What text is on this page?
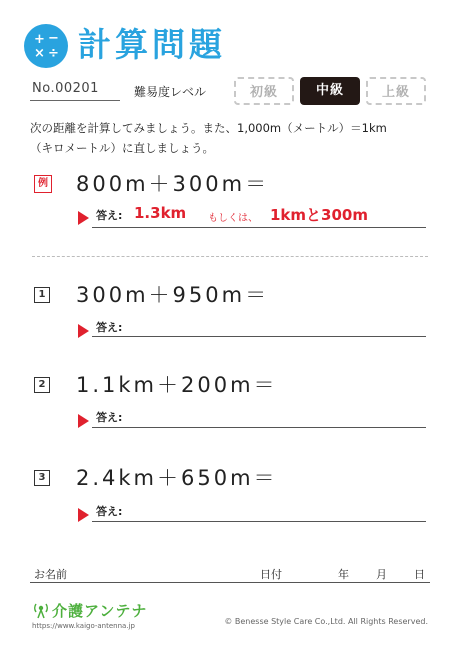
+ −
× ÷ 計算問題
No.00201	難易度レベル	初級	中級	上級
次の距離を計算してみましょう。また、1,000m（メートル）＝1km
（キロメートル）に直しましょう。
例 800m＋300m＝
答え: 1.3km もしくは、 1kmと300m
1 300m＋950m＝
答え:
2 1.1km＋200m＝
答え:
3 2.4km＋650m＝
答え:
お名前	日付	年 月 日
介護アンテナ
https://www.kaigo-antenna.jp	© Benesse Style Care Co.,Ltd. All Rights Reserved.
